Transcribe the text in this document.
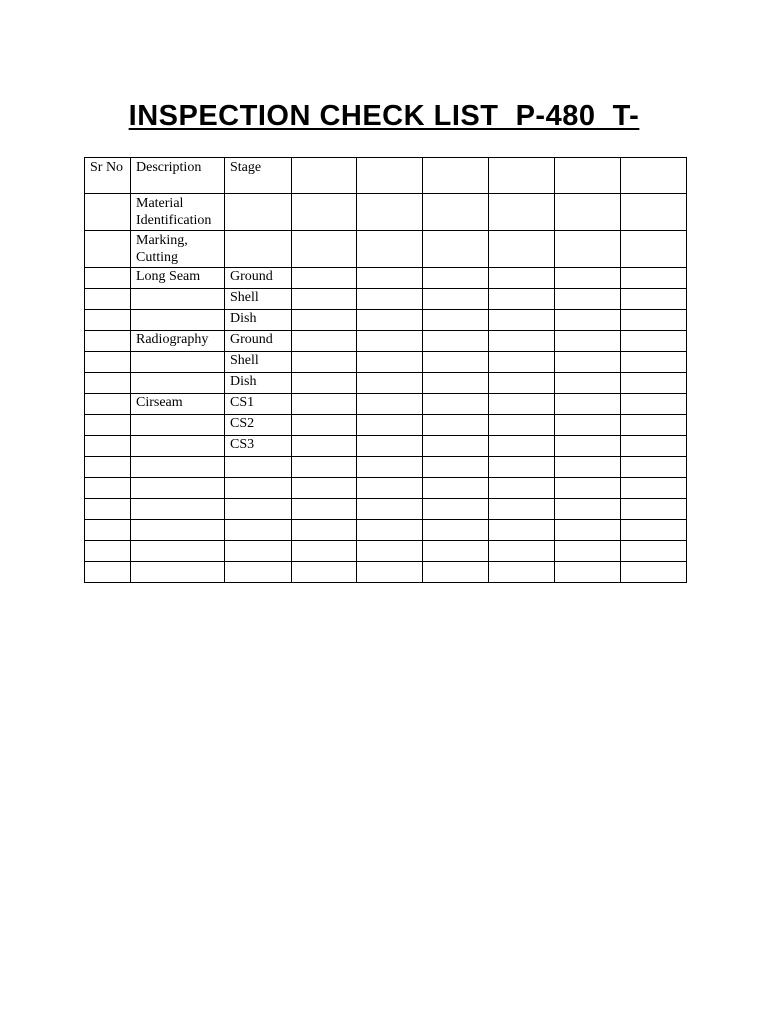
INSPECTION CHECK LIST  P-480  T-
Sr No	Description	Stage						
	Material Identification							
	Marking, Cutting							
	Long Seam	Ground						
		Shell						
		Dish						
	Radiography	Ground						
		Shell						
		Dish						
	Cirseam	CS1						
		CS2						
		CS3						
